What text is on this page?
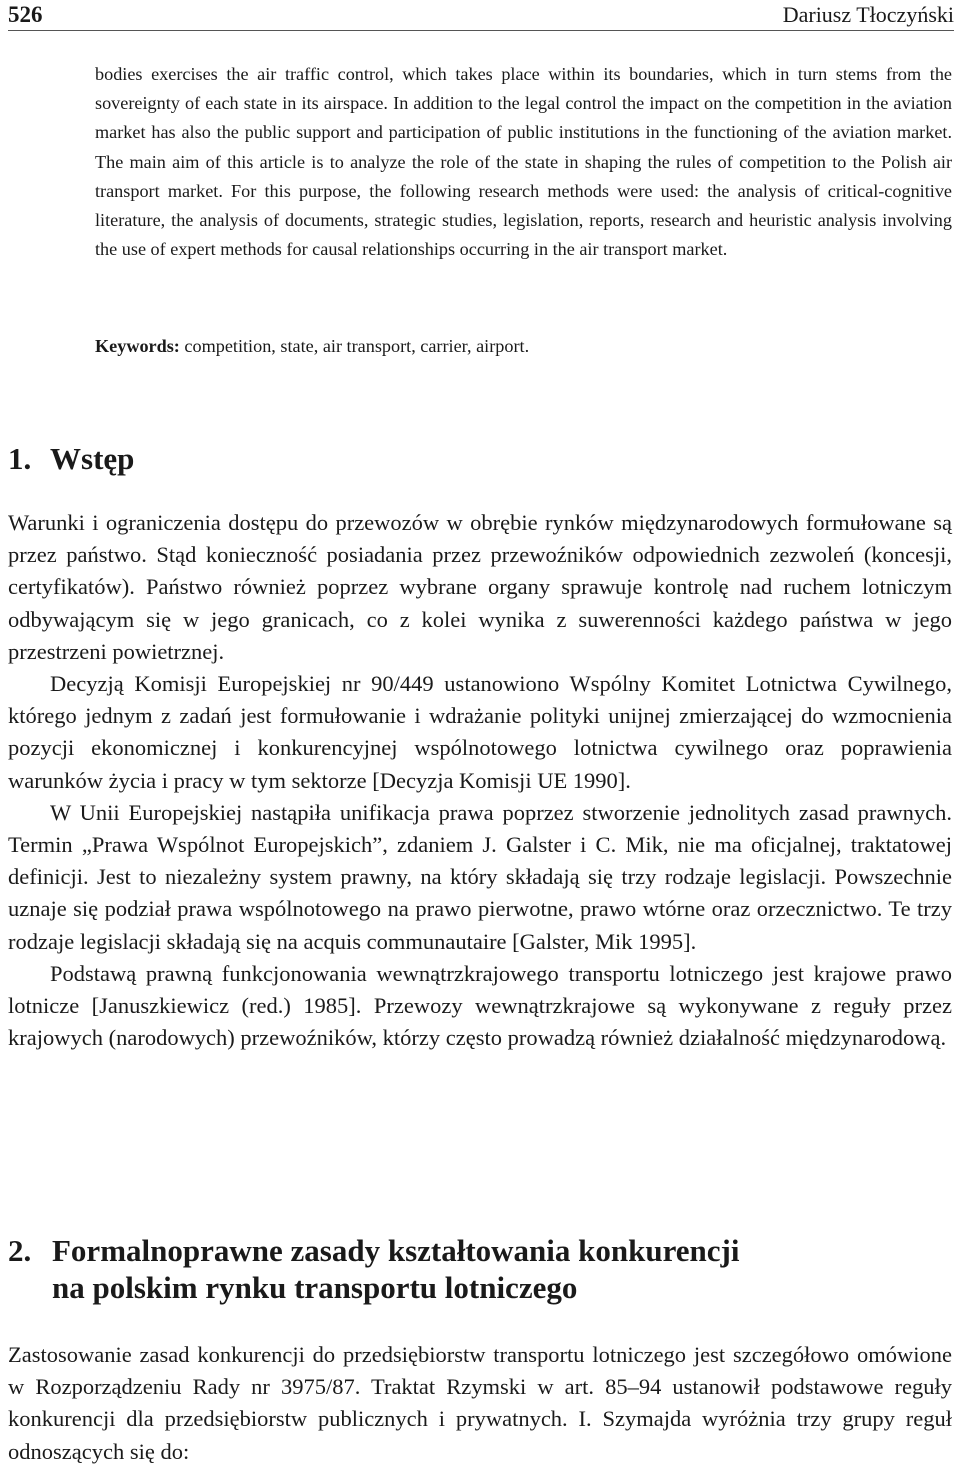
526	Dariusz Tłoczyński

bodies exercises the air traffic control, which takes place within its boundaries, which in turn stems from the sovereignty of each state in its airspace. In addition to the legal control the impact on the competition in the aviation market has also the public support and participation of public institutions in the functioning of the aviation market. The main aim of this article is to analyze the role of the state in shaping the rules of competition to the Polish air transport market. For this purpose, the following research methods were used: the analysis of critical-cognitive literature, the analysis of documents, strategic studies, legislation, reports, research and heuristic analysis involving the use of expert methods for causal relationships occurring in the air transport market.

Keywords: competition, state, air transport, carrier, airport.
1. Wstęp

Warunki i ograniczenia dostępu do przewozów w obrębie rynków międzynarodowych formułowane są przez państwo. Stąd konieczność posiadania przez przewoźników odpowiednich zezwoleń (koncesji, certyfikatów). Państwo również poprzez wybrane organy sprawuje kontrolę nad ruchem lotniczym odbywającym się w jego granicach, co z kolei wynika z suwerenności każdego państwa w jego przestrzeni powietrznej.

Decyzją Komisji Europejskiej nr 90/449 ustanowiono Wspólny Komitet Lotnictwa Cywilnego, którego jednym z zadań jest formułowanie i wdrażanie polityki unijnej zmierzającej do wzmocnienia pozycji ekonomicznej i konkurencyjnej wspólnotowego lotnictwa cywilnego oraz poprawienia warunków życia i pracy w tym sektorze [Decyzja Komisji UE 1990].

W Unii Europejskiej nastąpiła unifikacja prawa poprzez stworzenie jednolitych zasad prawnych. Termin „Prawa Wspólnot Europejskich”, zdaniem J. Galster i C. Mik, nie ma oficjalnej, traktatowej definicji. Jest to niezależny system prawny, na który składają się trzy rodzaje legislacji. Powszechnie uznaje się podział prawa wspólnotowego na prawo pierwotne, prawo wtórne oraz orzecznictwo. Te trzy rodzaje legislacji składają się na acquis communautaire [Galster, Mik 1995].

Podstawą prawną funkcjonowania wewnątrzkrajowego transportu lotniczego jest krajowe prawo lotnicze [Januszkiewicz (red.) 1985]. Przewozy wewnątrzkrajowe są wykonywane z reguły przez krajowych (narodowych) przewoźników, którzy często prowadzą również działalność międzynarodową.

2. Formalnoprawne zasady kształtowania konkurencji
na polskim rynku transportu lotniczego

Zastosowanie zasad konkurencji do przedsiębiorstw transportu lotniczego jest szczegółowo omówione w Rozporządzeniu Rady nr 3975/87. Traktat Rzymski w art. 85–94 ustanowił podstawowe reguły konkurencji dla przedsiębiorstw publicznych i prywatnych. I. Szymajda wyróżnia trzy grupy reguł odnoszących się do:
